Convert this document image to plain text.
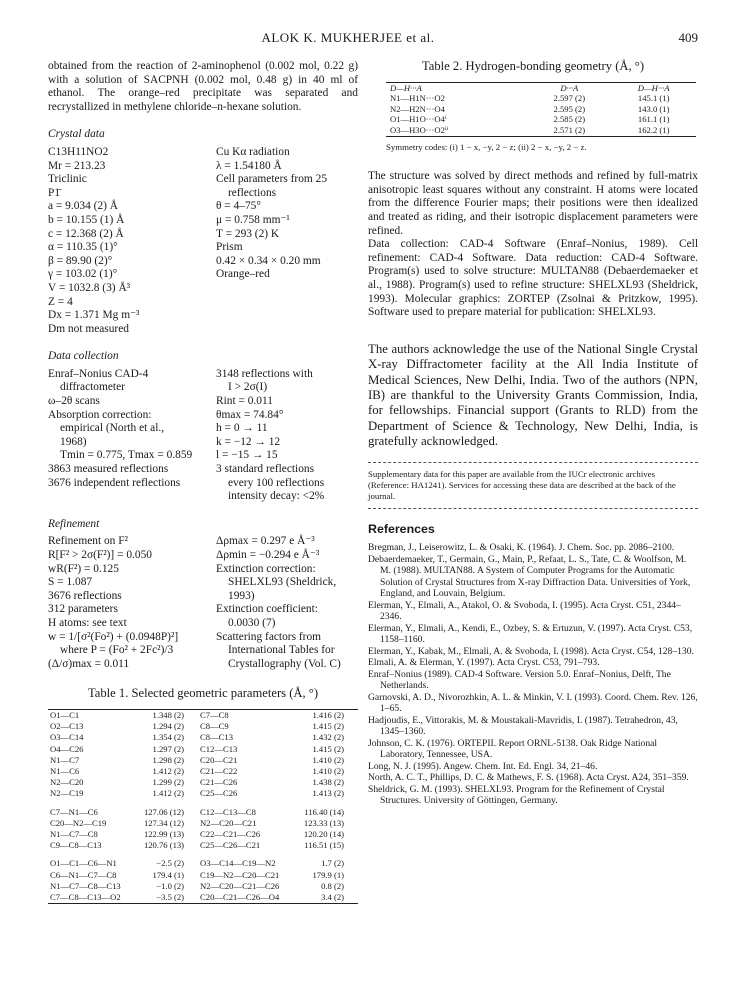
ALOK K. MUKHERJEE et al.	409

obtained from the reaction of 2-aminophenol (0.002 mol, 0.22 g) with a solution of SACPNH (0.002 mol, 0.48 g) in 40 ml of ethanol. The orange–red precipitate was separated and recrystallized in methylene chloride–n-hexane solution.

Crystal data
C13H11NO2
Mr = 213.23
Triclinic
P1̄
a = 9.034 (2) Å
b = 10.155 (1) Å
c = 12.368 (2) Å
α = 110.35 (1)°
β = 89.90 (2)°
γ = 103.02 (1)°
V = 1032.8 (3) Å³
Z = 4
Dx = 1.371 Mg m⁻³
Dm not measured
Cu Kα radiation
λ = 1.54180 Å
Cell parameters from 25
reflections
θ = 4–75°
μ = 0.758 mm⁻¹
T = 293 (2) K
Prism
0.42 × 0.34 × 0.20 mm
Orange–red
Data collection
Enraf–Nonius CAD-4
diffractometer
ω–2θ scans
Absorption correction:
empirical (North et al.,
1968)
Tmin = 0.775, Tmax = 0.859
3863 measured reflections
3676 independent reflections
3148 reflections with
I > 2σ(I)
Rint = 0.011
θmax = 74.84°
h = 0 → 11
k = −12 → 12
l = −15 → 15
3 standard reflections
every 100 reflections
intensity decay: <2%
Refinement
Refinement on F²
R[F² > 2σ(F²)] = 0.050
wR(F²) = 0.125
S = 1.087
3676 reflections
312 parameters
H atoms: see text
w = 1/[σ²(Fo²) + (0.0948P)²]
where P = (Fo² + 2Fc²)/3
(Δ/σ)max = 0.011
Δρmax = 0.297 e Å⁻³
Δρmin = −0.294 e Å⁻³
Extinction correction:
SHELXL93 (Sheldrick,
1993)
Extinction coefficient:
0.0030 (7)
Scattering factors from
International Tables for
Crystallography (Vol. C)
Table 1. Selected geometric parameters (Å, °)
O1—C1	1.348 (2)	C7—C8	1.416 (2)
O2—C13	1.294 (2)	C8—C9	1.415 (2)
O3—C14	1.354 (2)	C8—C13	1.432 (2)
O4—C26	1.297 (2)	C12—C13	1.415 (2)
N1—C7	1.298 (2)	C20—C21	1.410 (2)
N1—C6	1.412 (2)	C21—C22	1.410 (2)
N2—C20	1.299 (2)	C21—C26	1.438 (2)
N2—C19	1.412 (2)	C25—C26	1.413 (2)
C7—N1—C6	127.06 (12)	C12—C13—C8	116.40 (14)
C20—N2—C19	127.34 (12)	N2—C20—C21	123.33 (13)
N1—C7—C8	122.99 (13)	C22—C21—C26	120.20 (14)
C9—C8—C13	120.76 (13)	C25—C26—C21	116.51 (15)
O1—C1—C6—N1	−2.5 (2)	O3—C14—C19—N2	1.7 (2)
C6—N1—C7—C8	179.4 (1)	C19—N2—C20—C21	179.9 (1)
N1—C7—C8—C13	−1.0 (2)	N2—C20—C21—C26	0.8 (2)
C7—C8—C13—O2	−3.5 (2)	C20—C21—C26—O4	3.4 (2)
Table 2. Hydrogen-bonding geometry (Å, °)
D—H···A	D···A	D—H···A
N1—H1N···O2	2.597 (2)	145.1 (1)
N2—H2N···O4	2.595 (2)	143.0 (1)
O1—H1O···O4ⁱ	2.585 (2)	161.1 (1)
O3—H3O···O2ⁱⁱ	2.571 (2)	162.2 (1)
Symmetry codes: (i) 1 − x, −y, 2 − z; (ii) 2 − x, −y, 2 − z.

The structure was solved by direct methods and refined by full-matrix anisotropic least squares without any constraint. H atoms were located from the difference Fourier maps; their positions were then idealized and treated as riding, and their isotropic displacement parameters were refined.

Data collection: CAD-4 Software (Enraf–Nonius, 1989). Cell refinement: CAD-4 Software. Data reduction: CAD-4 Software. Program(s) used to solve structure: MULTAN88 (Debaerdemaeker et al., 1988). Program(s) used to refine structure: SHELXL93 (Sheldrick, 1993). Molecular graphics: ZORTEP (Zsolnai & Pritzkow, 1995). Software used to prepare material for publication: SHELXL93.

The authors acknowledge the use of the National Single Crystal X-ray Diffractometer facility at the All India Institute of Medical Sciences, New Delhi, India. Two of the authors (NPN, IB) are thankful to the University Grants Commission, India, for fellowships. Financial support (Grants to RLD) from the Department of Science & Technology, New Delhi, India, is gratefully acknowledged.

Supplementary data for this paper are available from the IUCr electronic archives (Reference: HA1241). Services for accessing these data are described at the back of the journal.

References

Bregman, J., Leiserowitz, L. & Osaki, K. (1964). J. Chem. Soc. pp. 2086–2100.

Debaerdemaeker, T., Germain, G., Main, P., Refaat, L. S., Tate, C. & Woolfson, M. M. (1988). MULTAN88. A System of Computer Programs for the Automatic Solution of Crystal Structures from X-ray Diffraction Data. Universities of York, England, and Louvain, Belgium.

Elerman, Y., Elmali, A., Atakol, O. & Svoboda, I. (1995). Acta Cryst. C51, 2344–2346.

Elerman, Y., Elmali, A., Kendi, E., Ozbey, S. & Ertuzun, V. (1997). Acta Cryst. C53, 1158–1160.

Elerman, Y., Kabak, M., Elmali, A. & Svoboda, I. (1998). Acta Cryst. C54, 128–130.

Elmali, A. & Elerman, Y. (1997). Acta Cryst. C53, 791–793.

Enraf–Nonius (1989). CAD-4 Software. Version 5.0. Enraf–Nonius, Delft, The Netherlands.

Garnovski, A. D., Nivorozhkin, A. L. & Minkin, V. I. (1993). Coord. Chem. Rev. 126, 1–65.

Hadjoudis, E., Vittorakis, M. & Moustakali-Mavridis, I. (1987). Tetrahedron, 43, 1345–1360.

Johnson, C. K. (1976). ORTEPII. Report ORNL-5138. Oak Ridge National Laboratory, Tennessee, USA.

Long, N. J. (1995). Angew. Chem. Int. Ed. Engl. 34, 21–46.

North, A. C. T., Phillips, D. C. & Mathews, F. S. (1968). Acta Cryst. A24, 351–359.

Sheldrick, G. M. (1993). SHELXL93. Program for the Refinement of Crystal Structures. University of Göttingen, Germany.
